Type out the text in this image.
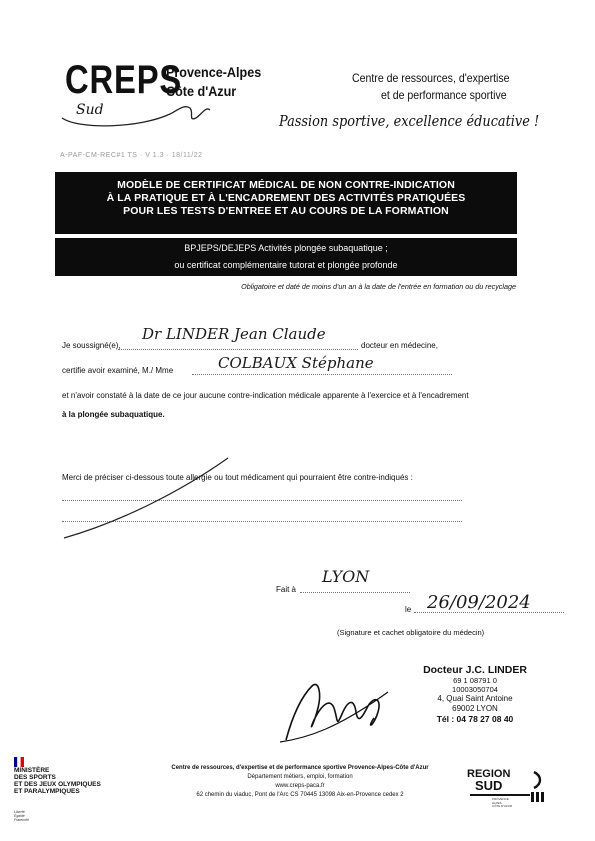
CREPS
Provence-Alpes
Côte d'Azur
Sud
Centre de ressources, d'expertise
et de performance sportive
Passion sportive, excellence éducative !
A-PAF-CM-REC#1 TS · V 1.3 · 18/11/22
MODÈLE DE CERTIFICAT MÉDICAL DE NON CONTRE-INDICATION
À LA PRATIQUE ET À L'ENCADREMENT DES ACTIVITÉS PRATIQUÉES
POUR LES TESTS D'ENTREE ET AU COURS DE LA FORMATION
BPJEPS/DEJEPS Activités plongée subaquatique ;
ou certificat complémentaire tutorat et plongée profonde
Obligatoire et daté de moins d'un an à la date de l'entrée en formation ou du recyclage
Je soussigné(e),
Dr LINDER Jean Claude
docteur en médecine,
certifie avoir examiné, M./ Mme	COLBAUX Stéphane
et n'avoir constaté à la date de ce jour aucune contre-indication médicale apparente à l'exercice et à l'encadrement
à la plongée subaquatique.
Merci de préciser ci-dessous toute allergie ou tout médicament qui pourraient être contre-indiqués :
Fait à
LYON
le 26/09/2024
(Signature et cachet obligatoire du médecin)
Docteur J.C. LINDER
69 1 08791 0
10003050704
4, Quai Saint Antoine
69002 LYON
Tél : 04 78 27 08 40
MINISTÈRE
DES SPORTS
ET DES JEUX OLYMPIQUES
ET PARALYMPIQUES
Liberté
Égalité
Fraternité
Centre de ressources, d'expertise et de performance sportive Provence-Alpes-Côte d'Azur
Département métiers, emploi, formation
www.creps-paca.fr
62 chemin du viaduc, Pont de l'Arc CS 70445 13098 Aix-en-Provence cedex 2
REGION
SUD
PROVENCE
ALPES
CÔTE D'AZUR
